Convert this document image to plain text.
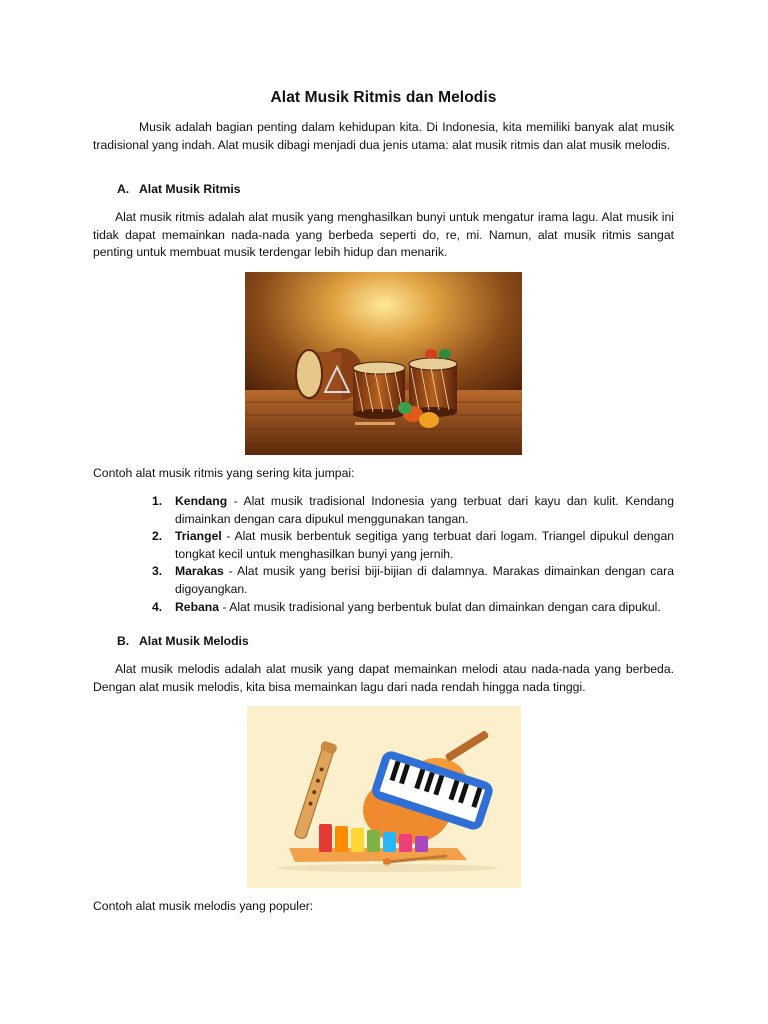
Alat Musik Ritmis dan Melodis

Musik adalah bagian penting dalam kehidupan kita. Di Indonesia, kita memiliki banyak alat musik tradisional yang indah. Alat musik dibagi menjadi dua jenis utama: alat musik ritmis dan alat musik melodis.

A. Alat Musik Ritmis

Alat musik ritmis adalah alat musik yang menghasilkan bunyi untuk mengatur irama lagu. Alat musik ini tidak dapat memainkan nada-nada yang berbeda seperti do, re, mi. Namun, alat musik ritmis sangat penting untuk membuat musik terdengar lebih hidup dan menarik.

Contoh alat musik ritmis yang sering kita jumpai:
1. Kendang - Alat musik tradisional Indonesia yang terbuat dari kayu dan kulit. Kendang dimainkan dengan cara dipukul menggunakan tangan.
2. Triangel - Alat musik berbentuk segitiga yang terbuat dari logam. Triangel dipukul dengan tongkat kecil untuk menghasilkan bunyi yang jernih.
3. Marakas - Alat musik yang berisi biji-bijian di dalamnya. Marakas dimainkan dengan cara digoyangkan.
4. Rebana - Alat musik tradisional yang berbentuk bulat dan dimainkan dengan cara dipukul.
B. Alat Musik Melodis

Alat musik melodis adalah alat musik yang dapat memainkan melodi atau nada-nada yang berbeda. Dengan alat musik melodis, kita bisa memainkan lagu dari nada rendah hingga nada tinggi.

Contoh alat musik melodis yang populer:
